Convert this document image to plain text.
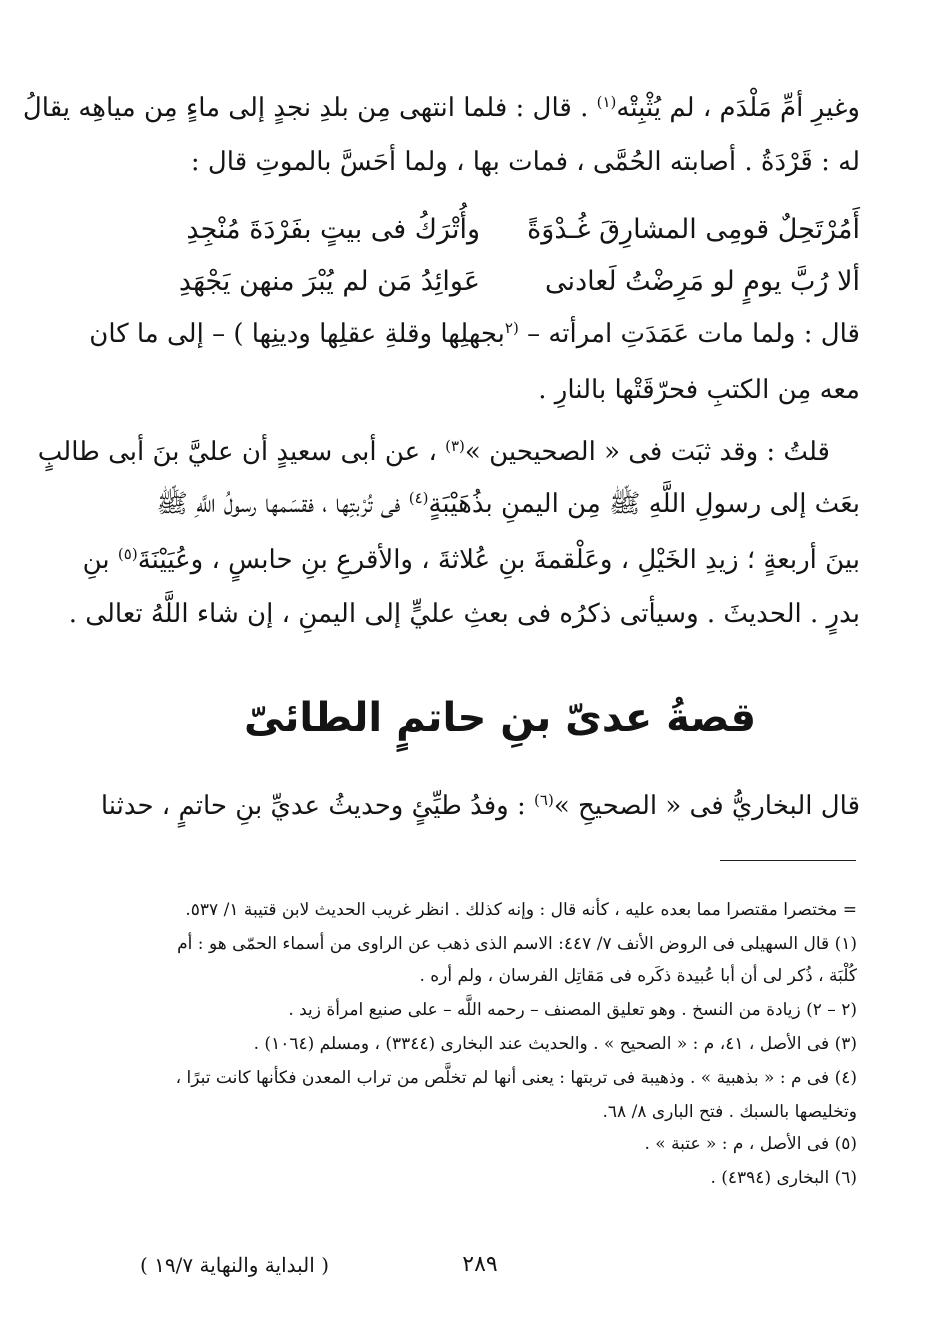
وغيرِ أمِّ مَلْدَم ، لم يُثْبِتْه$^{(١)}$ . قال : فلما انتهى مِن بلدِ نجدٍ إلى ماءٍ مِن مياهِه يقالُ
له : قَرْدَةُ . أصابته الحُمَّى ، فمات بها ، ولما أحَسَّ بالموتِ قال :
أَمُرْتَحِلٌ قومِى المشارِقَ غُـدْوَةً
وأُتْرَكُ فى بيتٍ بفَرْدَةَ مُنْجِدِ
ألا رُبَّ يومٍ لو مَرِضْتُ لَعادنى
عَوائِدُ مَن لم يُبْرَ منهن يَجْهَدِ
قال : ولما مات عَمَدَتِ امرأته – $^{(٢}$بجهلِها وقلةِ عقلِها ودينِها ) – إلى ما كان
معه مِن الكتبِ فحرّقَتْها بالنارِ .
قلتُ : وقد ثبَت فى « الصحيحين »$^{(٣)}$ ، عن أبى سعيدٍ أن عليَّ بنَ أبى طالبٍ
بعَث إلى رسولِ اللَّهِ ﷺ مِن اليمنِ بذُهَيْبَةٍ$^{(٤)}$ فى تُرْبتِها ، فقسَمها رسولُ اللَّهِ ﷺ
بينَ أربعةٍ ؛ زيدِ الخَيْلِ ، وعَلْقمةَ بنِ عُلاثةَ ، والأقرعِ بنِ حابسٍ ، وعُيَيْنَةَ$^{(٥)}$ بنِ
بدرٍ . الحديثَ . وسيأتى ذكرُه فى بعثِ عليٍّ إلى اليمنِ ، إن شاء اللَّهُ تعالى .
قصةُ عدىّ بنِ حاتمٍ الطائىّ
قال البخاريُّ فى « الصحيحِ »$^{(٦)}$ : وفدُ طيِّئٍ وحديثُ عديِّ بنِ حاتمٍ ، حدثنا
= مختصرا مقتصرا مما بعده عليه ، كأنه قال : وإنه كذلك . انظر غريب الحديث لابن قتيبة ١/ ٥٣٧.
(١) قال السهيلى فى الروض الأنف ٧/ ٤٤٧: الاسم الذى ذهب عن الراوى من أسماء الحمّى هو : أم
كُلْبَة ، ذُكر لى أن أبا عُبيدة ذكَره فى مَقاتِل الفرسان ، ولم أره .
(٢ – ٢) زيادة من النسخ . وهو تعليق المصنف – رحمه اللَّه – على صنيع امرأة زيد .
(٣) فى الأصل ، ٤١، م : « الصحيح » . والحديث عند البخارى (٣٣٤٤) ، ومسلم (١٠٦٤) .
(٤) فى م : « بذهبية » . وذهيبة فى تربتها : يعنى أنها لم تخلَّص من تراب المعدن فكأنها كانت تبرًا ،
وتخليصها بالسبك . فتح البارى ٨/ ٦٨.
(٥) فى الأصل ، م : « عتبة » .
(٦) البخارى (٤٣٩٤) .
٢٨٩
( البداية والنهاية ١٩/٧ )
